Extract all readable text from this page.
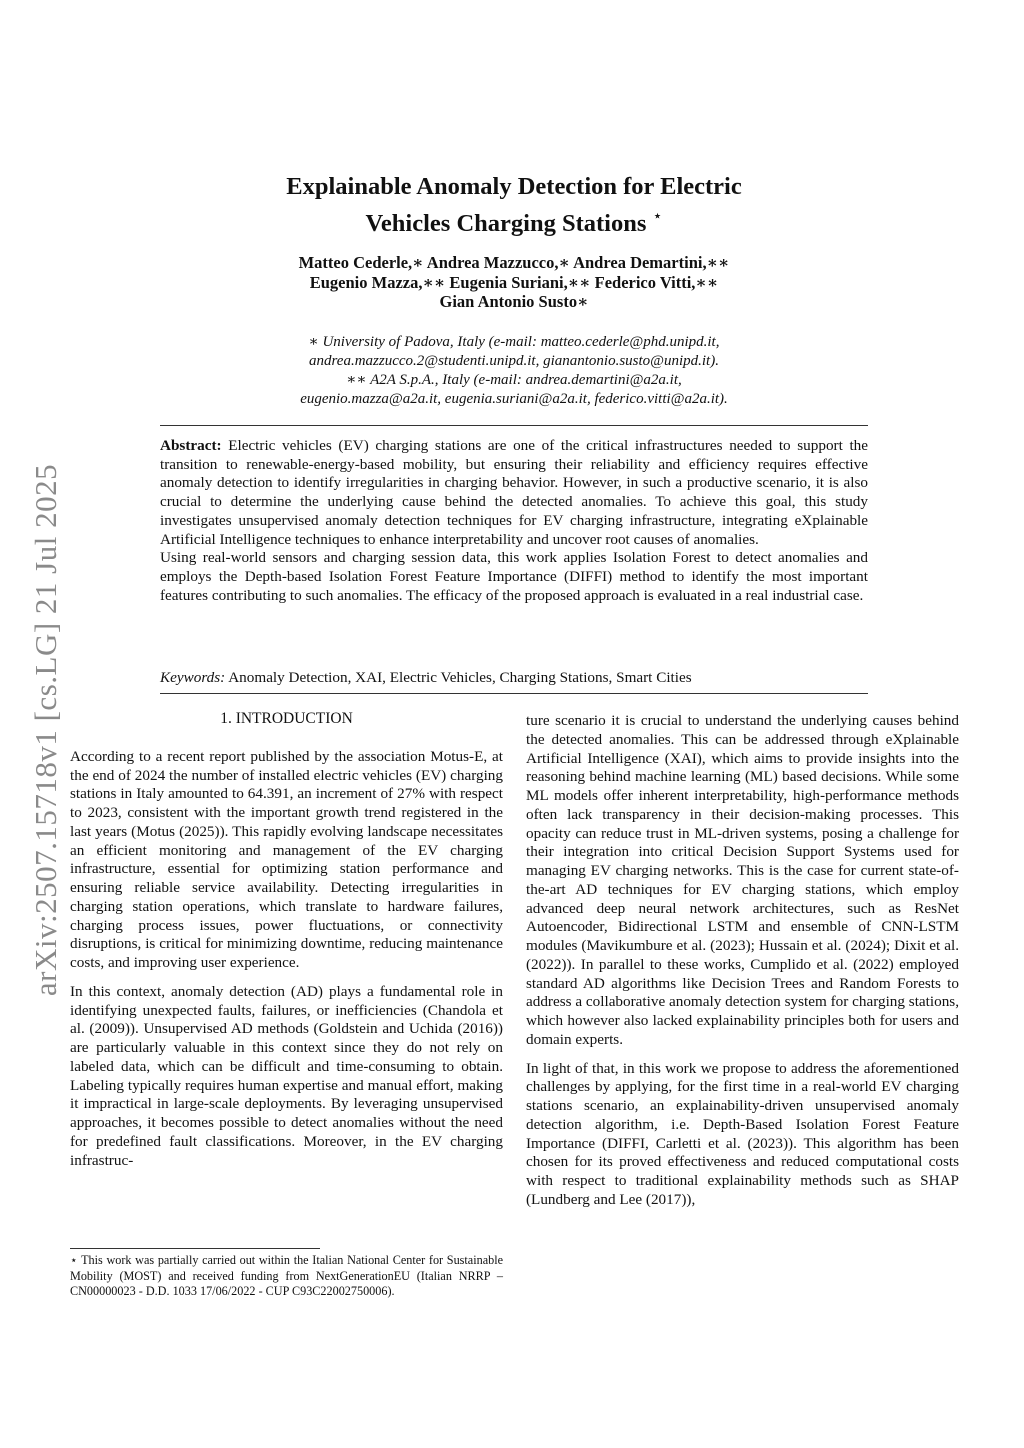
arXiv:2507.15718v1 [cs.LG] 21 Jul 2025
Explainable Anomaly Detection for Electric
Vehicles Charging Stations ⋆
Matteo Cederle,∗ Andrea Mazzucco,∗ Andrea Demartini,∗∗
Eugenio Mazza,∗∗ Eugenia Suriani,∗∗ Federico Vitti,∗∗
Gian Antonio Susto∗
∗ University of Padova, Italy (e-mail: matteo.cederle@phd.unipd.it,
andrea.mazzucco.2@studenti.unipd.it, gianantonio.susto@unipd.it).
∗∗ A2A S.p.A., Italy (e-mail: andrea.demartini@a2a.it,
eugenio.mazza@a2a.it, eugenia.suriani@a2a.it, federico.vitti@a2a.it).

Abstract: Electric vehicles (EV) charging stations are one of the critical infrastructures needed to support the transition to renewable-energy-based mobility, but ensuring their reliability and efficiency requires effective anomaly detection to identify irregularities in charging behavior. However, in such a productive scenario, it is also crucial to determine the underlying cause behind the detected anomalies. To achieve this goal, this study investigates unsupervised anomaly detection techniques for EV charging infrastructure, integrating eXplainable Artificial Intelligence techniques to enhance interpretability and uncover root causes of anomalies.

Using real-world sensors and charging session data, this work applies Isolation Forest to detect anomalies and employs the Depth-based Isolation Forest Feature Importance (DIFFI) method to identify the most important features contributing to such anomalies. The efficacy of the proposed approach is evaluated in a real industrial case.

Keywords: Anomaly Detection, XAI, Electric Vehicles, Charging Stations, Smart Cities
1. INTRODUCTION

According to a recent report published by the association Motus-E, at the end of 2024 the number of installed electric vehicles (EV) charging stations in Italy amounted to 64.391, an increment of 27% with respect to 2023, consistent with the important growth trend registered in the last years (Motus (2025)). This rapidly evolving landscape necessitates an efficient monitoring and management of the EV charging infrastructure, essential for optimizing station performance and ensuring reliable service availability. Detecting irregularities in charging station operations, which translate to hardware failures, charging process issues, power fluctuations, or connectivity disruptions, is critical for minimizing downtime, reducing maintenance costs, and improving user experience.

In this context, anomaly detection (AD) plays a fundamental role in identifying unexpected faults, failures, or inefficiencies (Chandola et al. (2009)). Unsupervised AD methods (Goldstein and Uchida (2016)) are particularly valuable in this context since they do not rely on labeled data, which can be difficult and time-consuming to obtain. Labeling typically requires human expertise and manual effort, making it impractical in large-scale deployments. By leveraging unsupervised approaches, it becomes possible to detect anomalies without the need for predefined fault classifications. Moreover, in the EV charging infrastruc-

ture scenario it is crucial to understand the underlying causes behind the detected anomalies. This can be addressed through eXplainable Artificial Intelligence (XAI), which aims to provide insights into the reasoning behind machine learning (ML) based decisions. While some ML models offer inherent interpretability, high-performance methods often lack transparency in their decision-making processes. This opacity can reduce trust in ML-driven systems, posing a challenge for their integration into critical Decision Support Systems used for managing EV charging networks. This is the case for current state-of-the-art AD techniques for EV charging stations, which employ advanced deep neural network architectures, such as ResNet Autoencoder, Bidirectional LSTM and ensemble of CNN-LSTM modules (Mavikumbure et al. (2023); Hussain et al. (2024); Dixit et al. (2022)). In parallel to these works, Cumplido et al. (2022) employed standard AD algorithms like Decision Trees and Random Forests to address a collaborative anomaly detection system for charging stations, which however also lacked explainability principles both for users and domain experts.

In light of that, in this work we propose to address the aforementioned challenges by applying, for the first time in a real-world EV charging stations scenario, an explainability-driven unsupervised anomaly detection algorithm, i.e. Depth-Based Isolation Forest Feature Importance (DIFFI, Carletti et al. (2023)). This algorithm has been chosen for its proved effectiveness and reduced computational costs with respect to traditional explainability methods such as SHAP (Lundberg and Lee (2017)),

⋆ This work was partially carried out within the Italian National Center for Sustainable Mobility (MOST) and received funding from NextGenerationEU (Italian NRRP – CN00000023 - D.D. 1033 17/06/2022 - CUP C93C22002750006).
